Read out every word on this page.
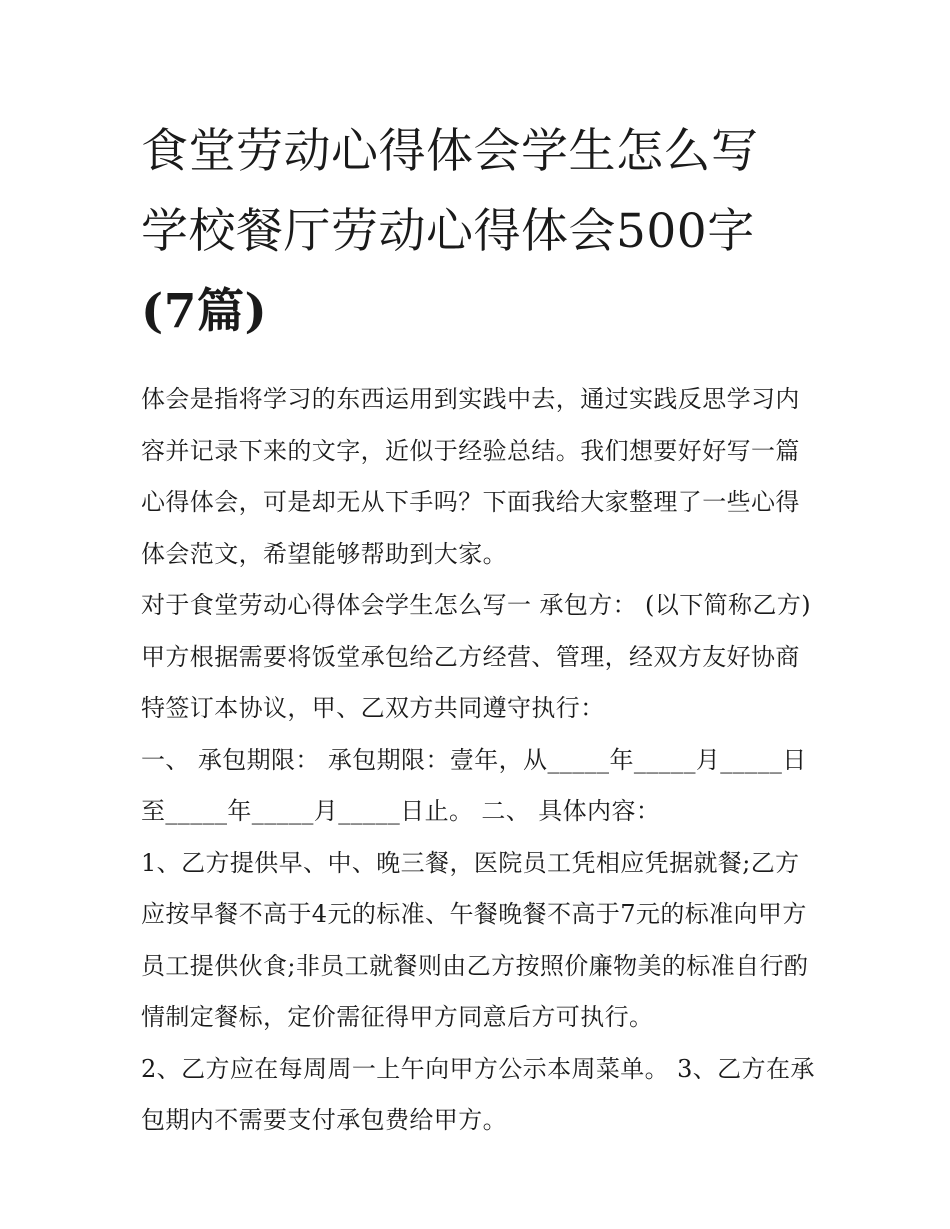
食堂劳动心得体会学生怎么写
学校餐厅劳动心得体会500字
(7篇)

体会是指将学习的东西运用到实践中去，通过实践反思学习内容并记录下来的文字，近似于经验总结。我们想要好好写一篇心得体会，可是却无从下手吗？下面我给大家整理了一些心得体会范文，希望能够帮助到大家。

对于食堂劳动心得体会学生怎么写一 承包方： (以下简称乙方) 甲方根据需要将饭堂承包给乙方经营、管理，经双方友好协商特签订本协议，甲、乙双方共同遵守执行：

一、 承包期限： 承包期限：壹年，从_____年_____月_____日至_____年_____月_____日止。 二、 具体内容：

1、乙方提供早、中、晚三餐，医院员工凭相应凭据就餐;乙方应按早餐不高于4元的标准、午餐晚餐不高于7元的标准向甲方员工提供伙食;非员工就餐则由乙方按照价廉物美的标准自行酌情制定餐标，定价需征得甲方同意后方可执行。

2、乙方应在每周周一上午向甲方公示本周菜单。 3、乙方在承包期内不需要支付承包费给甲方。
